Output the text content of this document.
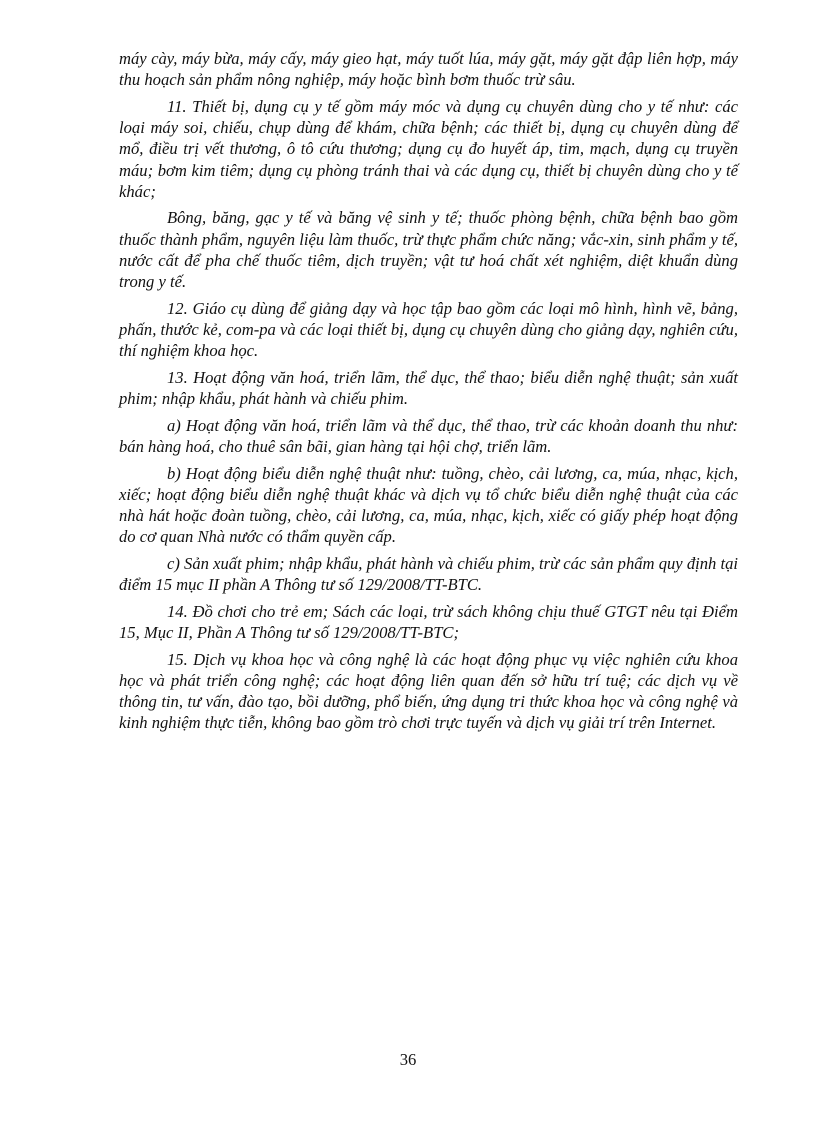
máy cày, máy bừa, máy cấy, máy gieo hạt, máy tuốt lúa, máy gặt, máy gặt đập liên hợp, máy thu hoạch sản phẩm nông nghiệp, máy hoặc bình bơm thuốc trừ sâu.

11. Thiết bị, dụng cụ y tế gồm máy móc và dụng cụ chuyên dùng cho y tế như: các loại máy soi, chiếu, chụp dùng để khám, chữa bệnh; các thiết bị, dụng cụ chuyên dùng để mổ, điều trị vết thương, ô tô cứu thương; dụng cụ đo huyết áp, tim, mạch, dụng cụ truyền máu; bơm kim tiêm; dụng cụ phòng tránh thai và các dụng cụ, thiết bị chuyên dùng cho y tế khác;

Bông, băng, gạc y tế và băng vệ sinh y tế; thuốc phòng bệnh, chữa bệnh bao gồm thuốc thành phẩm, nguyên liệu làm thuốc, trừ thực phẩm chức năng; vắc-xin, sinh phẩm y tế, nước cất để pha chế thuốc tiêm, dịch truyền; vật tư hoá chất xét nghiệm, diệt khuẩn dùng trong y tế.

12. Giáo cụ dùng để giảng dạy và học tập bao gồm các loại mô hình, hình vẽ, bảng, phấn, thước kẻ, com-pa và các loại thiết bị, dụng cụ chuyên dùng cho giảng dạy, nghiên cứu, thí nghiệm khoa học.

13. Hoạt động văn hoá, triển lãm, thể dục, thể thao; biểu diễn nghệ thuật; sản xuất phim; nhập khẩu, phát hành và chiếu phim.

a) Hoạt động văn hoá, triển lãm và thể dục, thể thao, trừ các khoản doanh thu như: bán hàng hoá, cho thuê sân bãi, gian hàng tại hội chợ, triển lãm.

b) Hoạt động biểu diễn nghệ thuật như: tuồng, chèo, cải lương, ca, múa, nhạc, kịch, xiếc; hoạt động biểu diễn nghệ thuật khác và dịch vụ tổ chức biểu diễn nghệ thuật của các nhà hát hoặc đoàn tuồng, chèo, cải lương, ca, múa, nhạc, kịch, xiếc có giấy phép hoạt động do cơ quan Nhà nước có thẩm quyền cấp.

c) Sản xuất phim; nhập khẩu, phát hành và chiếu phim, trừ các sản phẩm quy định tại điểm 15 mục II phần A Thông tư số 129/2008/TT-BTC.

14. Đồ chơi cho trẻ em; Sách các loại, trừ sách không chịu thuế GTGT nêu tại Điểm 15, Mục II, Phần A Thông tư số 129/2008/TT-BTC;

15. Dịch vụ khoa học và công nghệ là các hoạt động phục vụ việc nghiên cứu khoa học và phát triển công nghệ; các hoạt động liên quan đến sở hữu trí tuệ; các dịch vụ về thông tin, tư vấn, đào tạo, bồi dưỡng, phổ biến, ứng dụng tri thức khoa học và công nghệ và kinh nghiệm thực tiễn, không bao gồm trò chơi trực tuyến và dịch vụ giải trí trên Internet.

36
